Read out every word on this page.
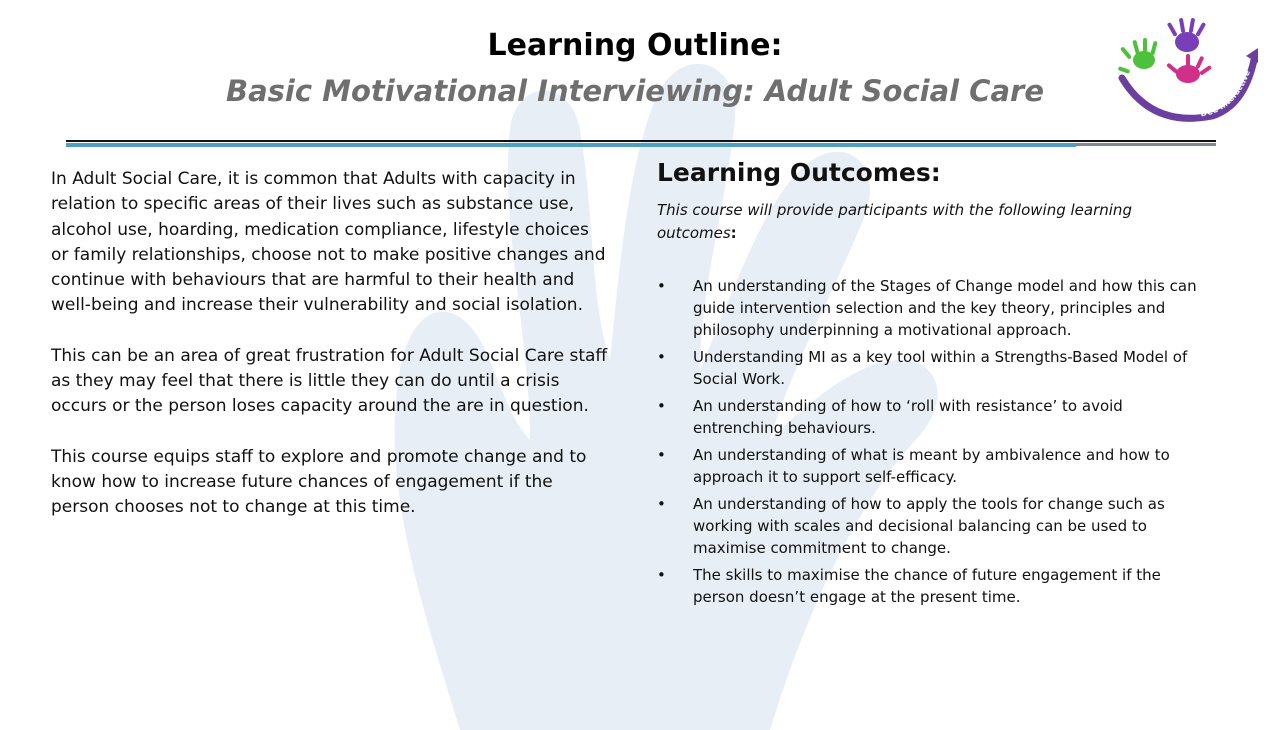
Learning Outline:
Basic Motivational Interviewing: Adult Social Care
DCC Interactive

In Adult Social Care, it is common that Adults with capacity in relation to specific areas of their lives such as substance use, alcohol use, hoarding, medication compliance, lifestyle choices or family relationships, choose not to make positive changes and continue with behaviours that are harmful to their health and well-being and increase their vulnerability and social isolation.

This can be an area of great frustration for Adult Social Care staff as they may feel that there is little they can do until a crisis occurs or the person loses capacity around the are in question.

This course equips staff to explore and promote change and to know how to increase future chances of engagement if the person chooses not to change at this time.

Learning Outcomes:
This course will provide participants with the following learning outcomes:
• An understanding of the Stages of Change model and how this can guide intervention selection and the key theory, principles and philosophy underpinning a motivational approach.
• Understanding MI as a key tool within a Strengths-Based Model of Social Work.
• An understanding of how to ‘roll with resistance’ to avoid entrenching behaviours.
• An understanding of what is meant by ambivalence and how to approach it to support self-efficacy.
• An understanding of how to apply the tools for change such as working with scales and decisional balancing can be used to maximise commitment to change.
• The skills to maximise the chance of future engagement if the person doesn’t engage at the present time.
